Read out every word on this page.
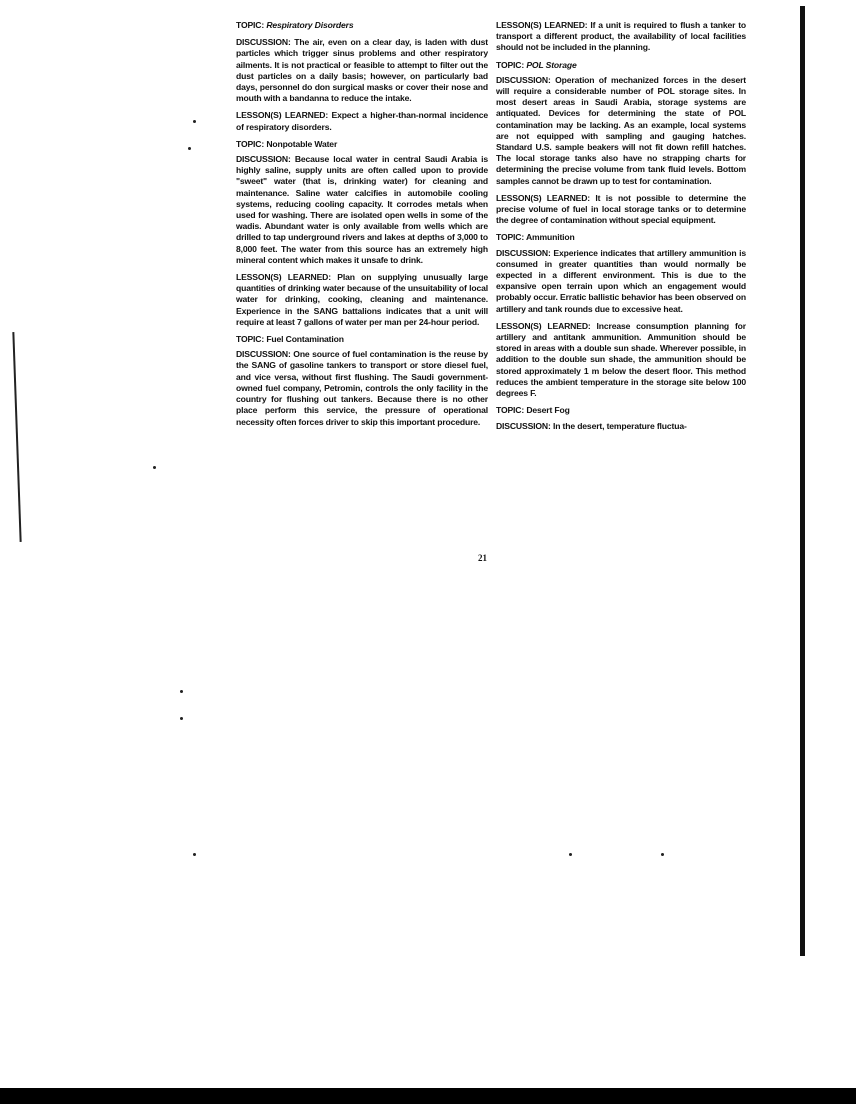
TOPIC: Respiratory Disorders

DISCUSSION: The air, even on a clear day, is laden with dust particles which trigger sinus problems and other respiratory ailments. It is not practical or feasible to attempt to filter out the dust particles on a daily basis; however, on particularly bad days, personnel do don surgical masks or cover their nose and mouth with a bandanna to reduce the intake.

LESSON(S) LEARNED: Expect a higher-than-normal incidence of respiratory disorders.

TOPIC: Nonpotable Water

DISCUSSION: Because local water in central Saudi Arabia is highly saline, supply units are often called upon to provide "sweet" water (that is, drinking water) for cleaning and maintenance. Saline water calcifies in automobile cooling systems, reducing cooling capacity. It corrodes metals when used for washing. There are isolated open wells in some of the wadis. Abundant water is only available from wells which are drilled to tap underground rivers and lakes at depths of 3,000 to 8,000 feet. The water from this source has an extremely high mineral content which makes it unsafe to drink.

LESSON(S) LEARNED: Plan on supplying unusually large quantities of drinking water because of the unsuitability of local water for drinking, cooking, cleaning and maintenance. Experience in the SANG battalions indicates that a unit will require at least 7 gallons of water per man per 24-hour period.

TOPIC: Fuel Contamination

DISCUSSION: One source of fuel contamination is the reuse by the SANG of gasoline tankers to transport or store diesel fuel, and vice versa, without first flushing. The Saudi government-owned fuel company, Petromin, controls the only facility in the country for flushing out tankers. Because there is no other place perform this service, the pressure of operational necessity often forces driver to skip this important procedure.

LESSON(S) LEARNED: If a unit is required to flush a tanker to transport a different product, the availability of local facilities should not be included in the planning.

TOPIC: POL Storage

DISCUSSION: Operation of mechanized forces in the desert will require a considerable number of POL storage sites. In most desert areas in Saudi Arabia, storage systems are antiquated. Devices for determining the state of POL contamination may be lacking. As an example, local systems are not equipped with sampling and gauging hatches. Standard U.S. sample beakers will not fit down refill hatches. The local storage tanks also have no strapping charts for determining the precise volume from tank fluid levels. Bottom samples cannot be drawn up to test for contamination.

LESSON(S) LEARNED: It is not possible to determine the precise volume of fuel in local storage tanks or to determine the degree of contamination without special equipment.

TOPIC: Ammunition

DISCUSSION: Experience indicates that artillery ammunition is consumed in greater quantities than would normally be expected in a different environment. This is due to the expansive open terrain upon which an engagement would probably occur. Erratic ballistic behavior has been observed on artillery and tank rounds due to excessive heat.

LESSON(S) LEARNED: Increase consumption planning for artillery and antitank ammunition. Ammunition should be stored in areas with a double sun shade. Wherever possible, in addition to the double sun shade, the ammunition should be stored approximately 1 m below the desert floor. This method reduces the ambient temperature in the storage site below 100 degrees F.

TOPIC: Desert Fog

DISCUSSION: In the desert, temperature fluctua-

21
